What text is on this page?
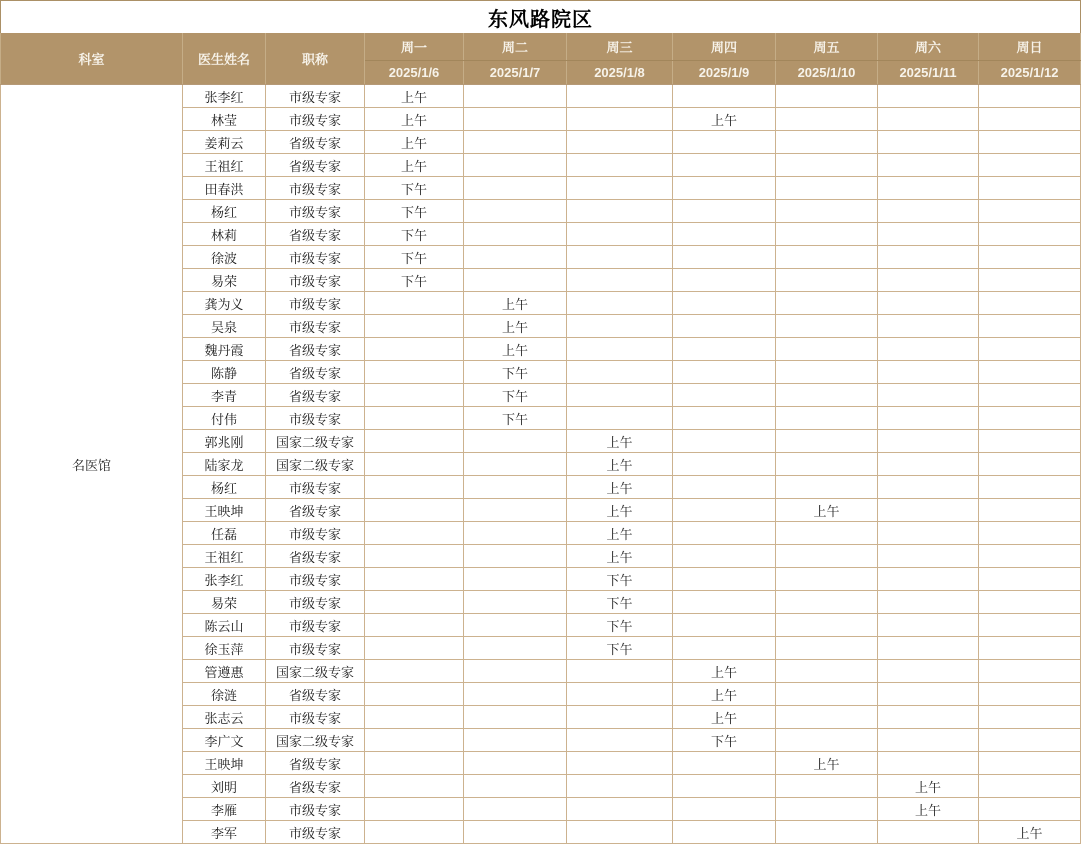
东风路院区									
科室	医生姓名	职称	周一	周二	周三	周四	周五	周六	周日
			2025/1/6	2025/1/7	2025/1/8	2025/1/9	2025/1/10	2025/1/11	2025/1/12
名医馆	张李红	市级专家	上午						
	林莹	市级专家	上午			上午			
	姜莉云	省级专家	上午						
	王祖红	省级专家	上午						
	田春洪	市级专家	下午						
	杨红	市级专家	下午						
	林莉	省级专家	下午						
	徐波	市级专家	下午						
	易荣	市级专家	下午						
	龚为义	市级专家		上午					
	吴泉	市级专家		上午					
	魏丹霞	省级专家		上午					
	陈静	省级专家		下午					
	李青	省级专家		下午					
	付伟	市级专家		下午					
	郭兆刚	国家二级专家			上午				
	陆家龙	国家二级专家			上午				
	杨红	市级专家			上午				
	王映坤	省级专家			上午		上午		
	任磊	市级专家			上午				
	王祖红	省级专家			上午				
	张李红	市级专家			下午				
	易荣	市级专家			下午				
	陈云山	市级专家			下午				
	徐玉萍	市级专家			下午				
	管遵惠	国家二级专家				上午			
	徐涟	省级专家				上午			
	张志云	市级专家				上午			
	李广文	国家二级专家				下午			
	王映坤	省级专家					上午		
	刘明	省级专家						上午	
	李雁	市级专家						上午	
	李军	市级专家							上午
